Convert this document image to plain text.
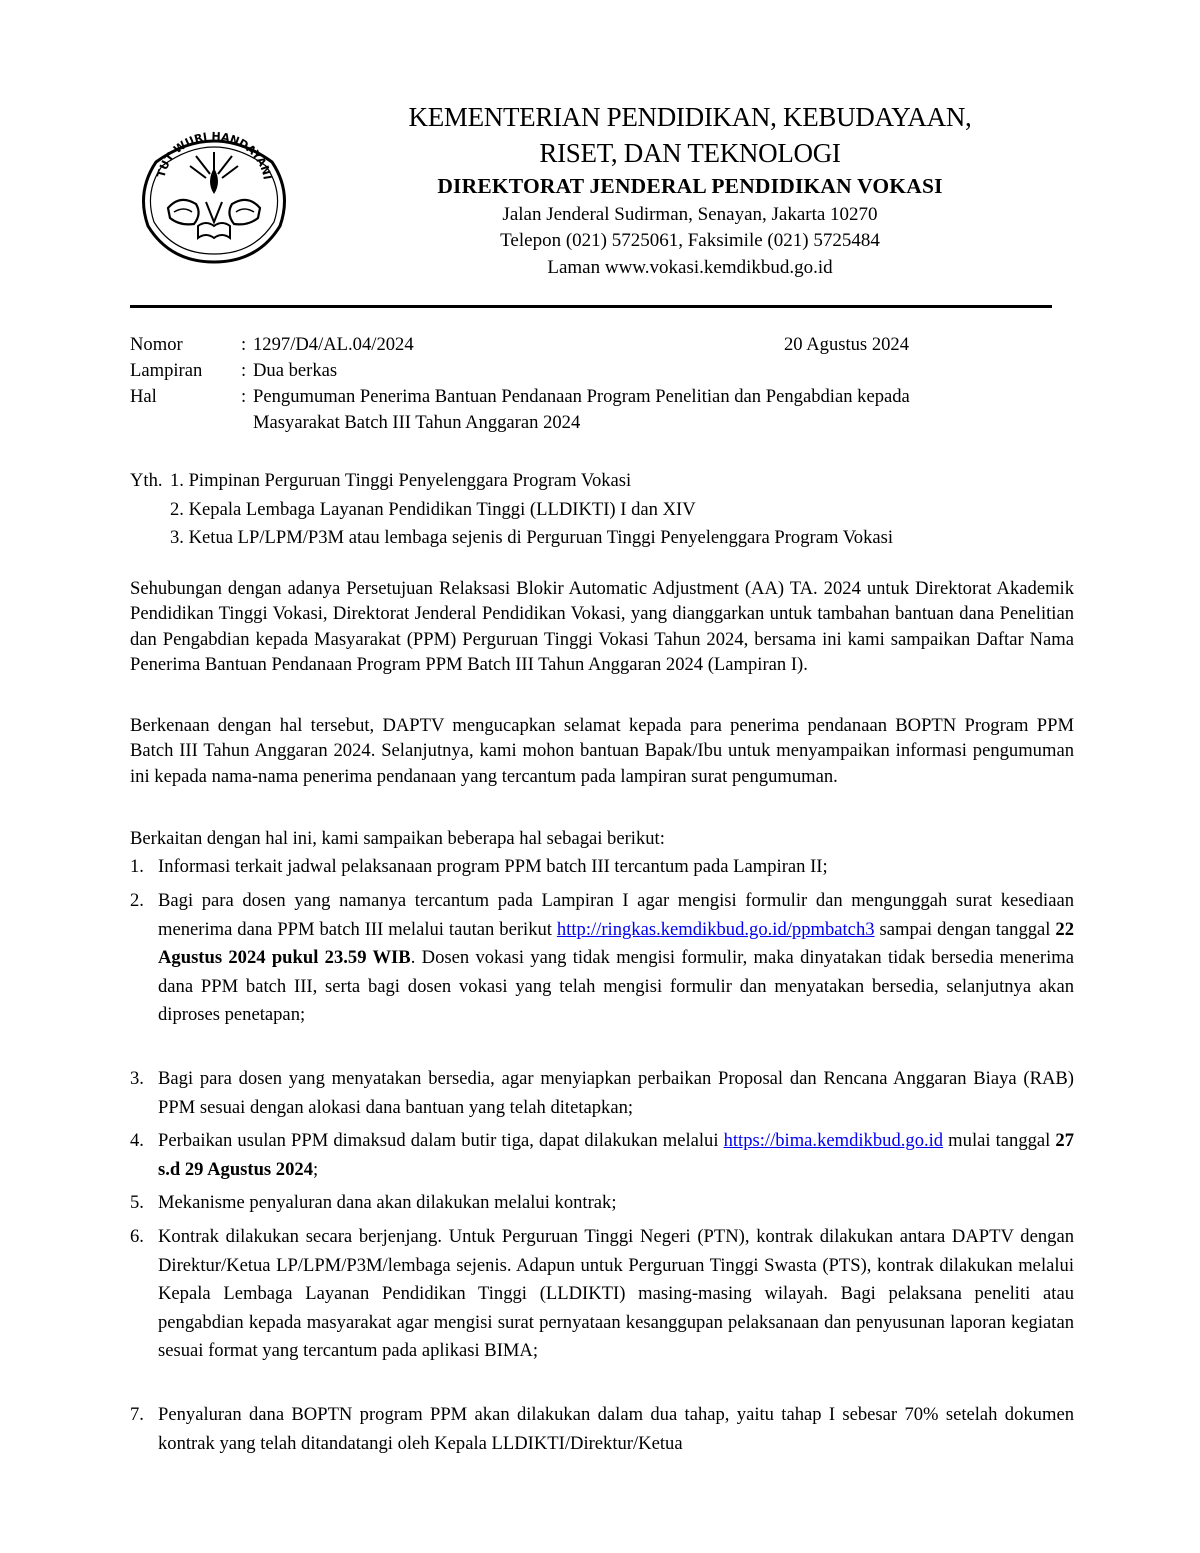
TUT WURI HANDAYANI
KEMENTERIAN PENDIDIKAN, KEBUDAYAAN,
RISET, DAN TEKNOLOGI
DIREKTORAT JENDERAL PENDIDIKAN VOKASI
Jalan Jenderal Sudirman, Senayan, Jakarta 10270
Telepon (021) 5725061, Faksimile (021) 5725484
Laman www.vokasi.kemdikbud.go.id
Nomor	: 1297/D4/AL.04/2024	20 Agustus 2024
Lampiran : Dua berkas
Hal	: Pengumuman Penerima Bantuan Pendanaan Program Penelitian dan Pengabdian kepada
Masyarakat Batch III Tahun Anggaran 2024
Yth. 1. Pimpinan Perguruan Tinggi Penyelenggara Program Vokasi
2. Kepala Lembaga Layanan Pendidikan Tinggi (LLDIKTI) I dan XIV
3. Ketua LP/LPM/P3M atau lembaga sejenis di Perguruan Tinggi Penyelenggara Program Vokasi
Sehubungan dengan adanya Persetujuan Relaksasi Blokir Automatic Adjustment (AA) TA. 2024 untuk Direktorat Akademik Pendidikan Tinggi Vokasi, Direktorat Jenderal Pendidikan Vokasi, yang dianggarkan untuk tambahan bantuan dana Penelitian dan Pengabdian kepada Masyarakat (PPM) Perguruan Tinggi Vokasi Tahun 2024, bersama ini kami sampaikan Daftar Nama Penerima Bantuan Pendanaan Program PPM Batch III Tahun Anggaran 2024 (Lampiran I).
Berkenaan dengan hal tersebut, DAPTV mengucapkan selamat kepada para penerima pendanaan BOPTN Program PPM Batch III Tahun Anggaran 2024. Selanjutnya, kami mohon bantuan Bapak/Ibu untuk menyampaikan informasi pengumuman ini kepada nama-nama penerima pendanaan yang tercantum pada lampiran surat pengumuman.
Berkaitan dengan hal ini, kami sampaikan beberapa hal sebagai berikut:
1. Informasi terkait jadwal pelaksanaan program PPM batch III tercantum pada Lampiran II;
2. Bagi para dosen yang namanya tercantum pada Lampiran I agar mengisi formulir dan mengunggah surat kesediaan menerima dana PPM batch III melalui tautan berikut http://ringkas.kemdikbud.go.id/ppmbatch3 sampai dengan tanggal 22 Agustus 2024 pukul 23.59 WIB. Dosen vokasi yang tidak mengisi formulir, maka dinyatakan tidak bersedia menerima dana PPM batch III, serta bagi dosen vokasi yang telah mengisi formulir dan menyatakan bersedia, selanjutnya akan diproses penetapan;
3. Bagi para dosen yang menyatakan bersedia, agar menyiapkan perbaikan Proposal dan Rencana Anggaran Biaya (RAB) PPM sesuai dengan alokasi dana bantuan yang telah ditetapkan;
4. Perbaikan usulan PPM dimaksud dalam butir tiga, dapat dilakukan melalui https://bima.kemdikbud.go.id mulai tanggal 27 s.d 29 Agustus 2024;
5. Mekanisme penyaluran dana akan dilakukan melalui kontrak;
6. Kontrak dilakukan secara berjenjang. Untuk Perguruan Tinggi Negeri (PTN), kontrak dilakukan antara DAPTV dengan Direktur/Ketua LP/LPM/P3M/lembaga sejenis. Adapun untuk Perguruan Tinggi Swasta (PTS), kontrak dilakukan melalui Kepala Lembaga Layanan Pendidikan Tinggi (LLDIKTI) masing-masing wilayah. Bagi pelaksana peneliti atau pengabdian kepada masyarakat agar mengisi surat pernyataan kesanggupan pelaksanaan dan penyusunan laporan kegiatan sesuai format yang tercantum pada aplikasi BIMA;
7. Penyaluran dana BOPTN program PPM akan dilakukan dalam dua tahap, yaitu tahap I sebesar 70% setelah dokumen kontrak yang telah ditandatangi oleh Kepala LLDIKTI/Direktur/Ketua
